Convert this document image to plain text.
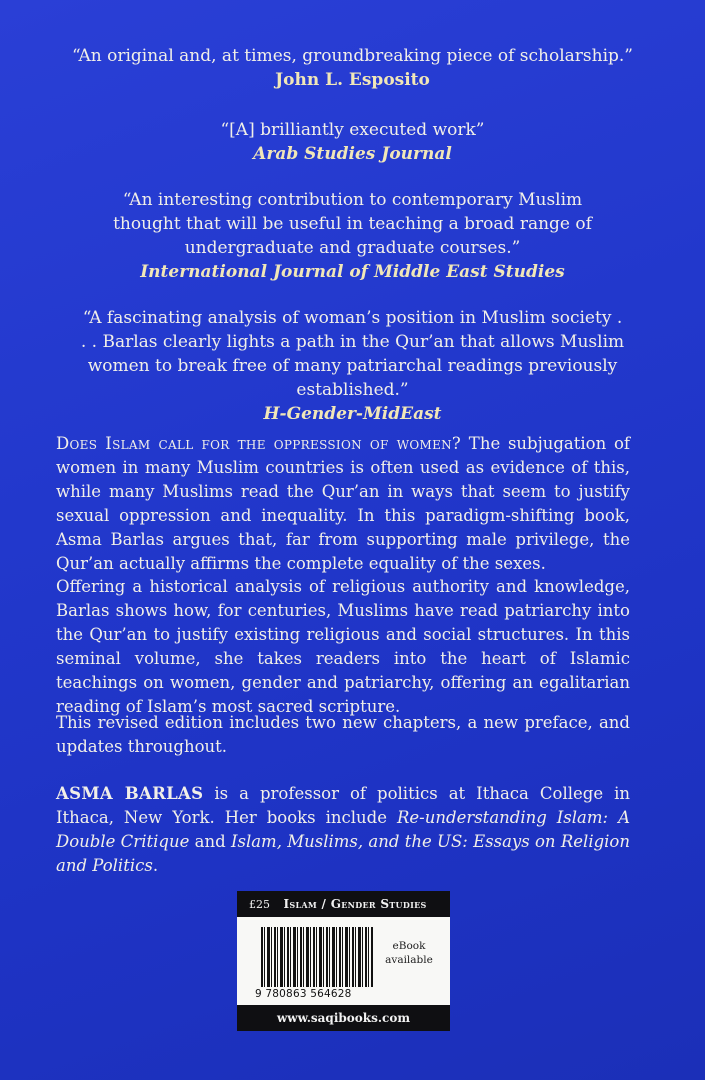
“An original and, at times, groundbreaking piece of scholarship.”
John L. Esposito
“[A] brilliantly executed work”
Arab Studies Journal
“An interesting contribution to contemporary Muslim thought that will be useful in teaching a broad range of undergraduate and graduate courses.”
International Journal of Middle East Studies
“A fascinating analysis of woman’s position in Muslim society . . . Barlas clearly lights a path in the Qur’an that allows Muslim women to break free of many patriarchal readings previously established.”
H-Gender-MidEast
Does Islam call for the oppression of women? The subjugation of women in many Muslim countries is often used as evidence of this, while many Muslims read the Qur’an in ways that seem to justify sexual oppression and inequality. In this paradigm-shifting book, Asma Barlas argues that, far from supporting male privilege, the Qur’an actually affirms the complete equality of the sexes.
Offering a historical analysis of religious authority and knowledge, Barlas shows how, for centuries, Muslims have read patriarchy into the Qur’an to justify existing religious and social structures. In this seminal volume, she takes readers into the heart of Islamic teachings on women, gender and patriarchy, offering an egalitarian reading of Islam’s most sacred scripture.
This revised edition includes two new chapters, a new preface, and updates throughout.
ASMA BARLAS is a professor of politics at Ithaca College in Ithaca, New York. Her books include Re-understanding Islam: A Double Critique and Islam, Muslims, and the US: Essays on Religion and Politics.
£25 Islam / Gender Studies
9 780863 564628
eBook
available
www.saqibooks.com
